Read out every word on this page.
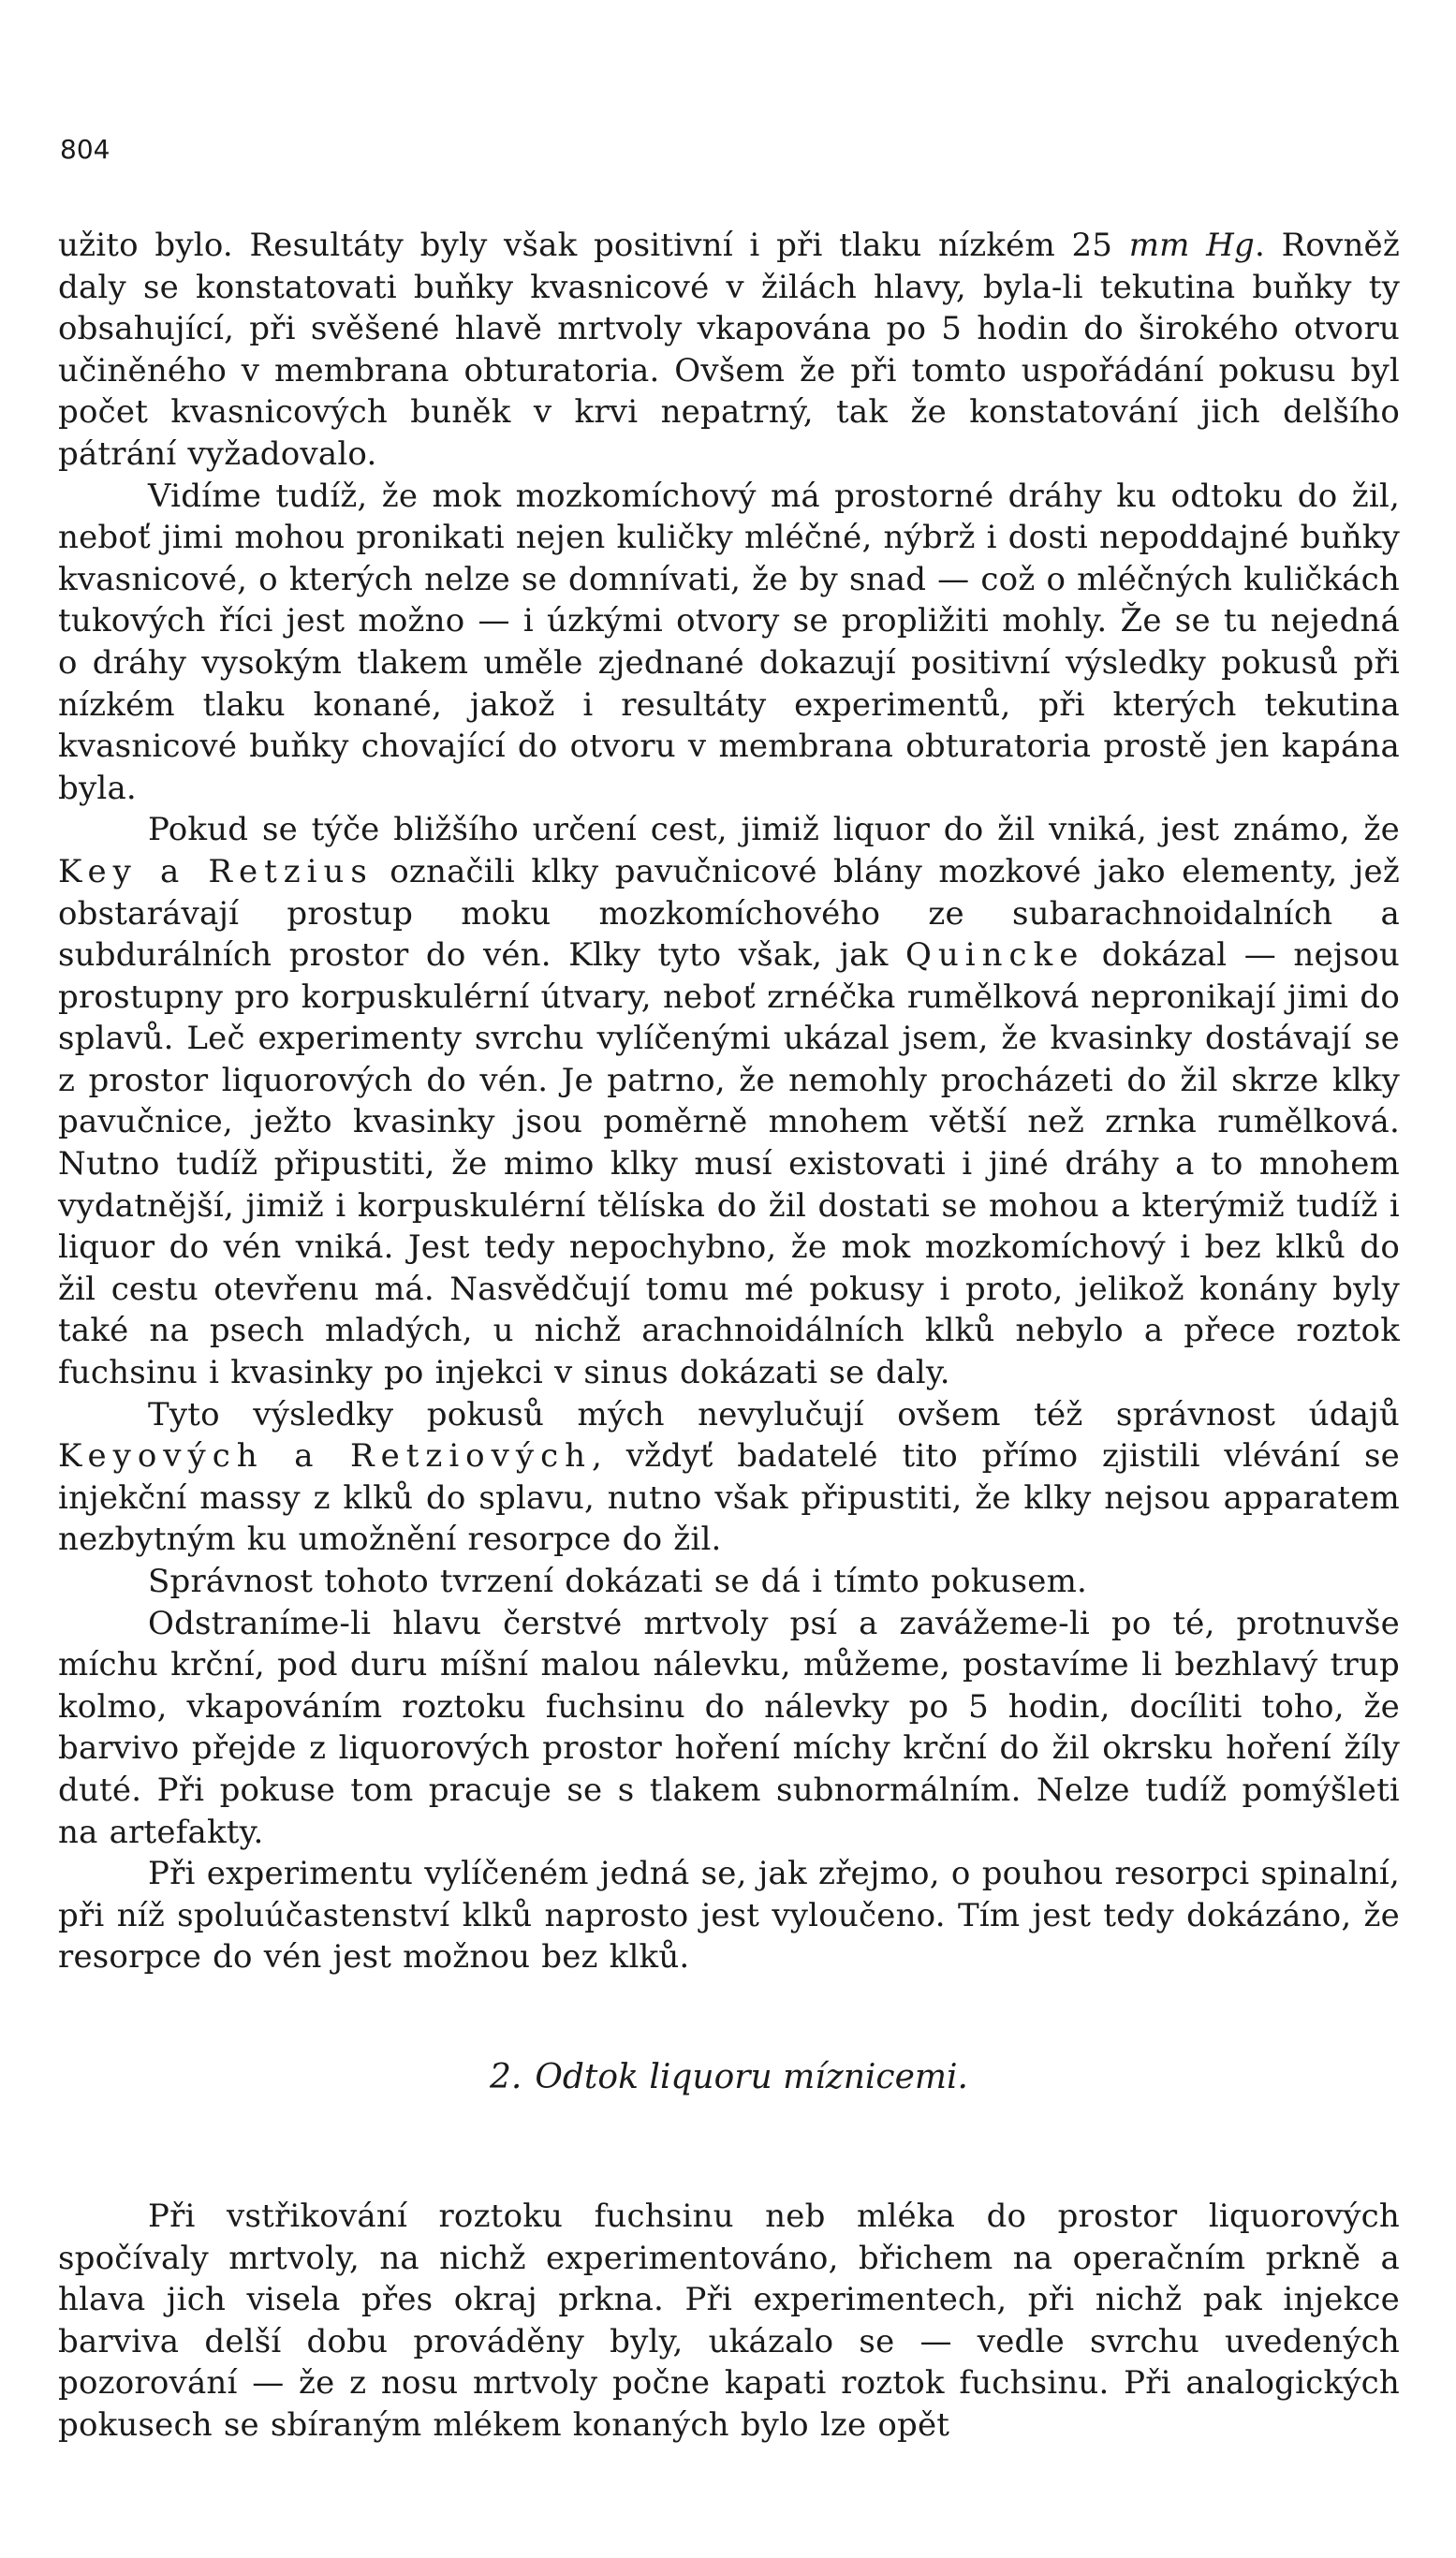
804

užito bylo. Resultáty byly však positivní i při tlaku nízkém 25 mm Hg. Rovněž daly se konstatovati buňky kvasnicové v žilách hlavy, byla-li tekutina buňky ty obsahující, při svěšené hlavě mrtvoly vkapována po 5 hodin do širokého otvoru učiněného v membrana obturatoria. Ovšem že při tomto uspořádání pokusu byl počet kvasnicových buněk v krvi nepatrný, tak že konstatování jich delšího pátrání vyžadovalo.

Vidíme tudíž, že mok mozkomíchový má prostorné dráhy ku odtoku do žil, neboť jimi mohou pronikati nejen kuličky mléčné, nýbrž i dosti nepoddajné buňky kvasnicové, o kterých nelze se domnívati, že by snad — což o mléčných kuličkách tukových říci jest možno — i úzkými otvory se propližiti mohly. Že se tu nejedná o dráhy vysokým tlakem uměle zjednané dokazují positivní výsledky pokusů při nízkém tlaku konané, jakož i resultáty experimentů, při kterých tekutina kvasnicové buňky chovající do otvoru v membrana obturatoria prostě jen kapána byla.

Pokud se týče bližšího určení cest, jimiž liquor do žil vniká, jest známo, že Key a Retzius označili klky pavučnicové blány mozkové jako elementy, jež obstarávají prostup moku mozkomíchového ze subarachnoidalních a subdurálních prostor do vén. Klky tyto však, jak Quincke dokázal — nejsou prostupny pro korpuskulérní útvary, neboť zrnéčka rumělková nepronikají jimi do splavů. Leč experimenty svrchu vylíčenými ukázal jsem, že kvasinky dostávají se z prostor liquorových do vén. Je patrno, že nemohly procházeti do žil skrze klky pavučnice, ježto kvasinky jsou poměrně mnohem větší než zrnka rumělková. Nutno tudíž připustiti, že mimo klky musí existovati i jiné dráhy a to mnohem vydatnější, jimiž i korpuskulérní tělíska do žil dostati se mohou a kterýmiž tudíž i liquor do vén vniká. Jest tedy nepochybno, že mok mozkomíchový i bez klků do žil cestu otevřenu má. Nasvědčují tomu mé pokusy i proto, jelikož konány byly také na psech mladých, u nichž arachnoidálních klků nebylo a přece roztok fuchsinu i kvasinky po injekci v sinus dokázati se daly.

Tyto výsledky pokusů mých nevylučují ovšem též správnost údajů Keyových a Retziových, vždyť badatelé tito přímo zjistili vlévání se injekční massy z klků do splavu, nutno však připustiti, že klky nejsou apparatem nezbytným ku umožnění resorpce do žil.

Správnost tohoto tvrzení dokázati se dá i tímto pokusem.

Odstraníme-li hlavu čerstvé mrtvoly psí a zavážeme-li po té, protnuvše míchu krční, pod duru míšní malou nálevku, můžeme, postavíme li bezhlavý trup kolmo, vkapováním roztoku fuchsinu do nálevky po 5 hodin, docíliti toho, že barvivo přejde z liquorových prostor hoření míchy krční do žil okrsku hoření žíly duté. Při pokuse tom pracuje se s tlakem subnormálním. Nelze tudíž pomýšleti na artefakty.

Při experimentu vylíčeném jedná se, jak zřejmo, o pouhou resorpci spinalní, při níž spoluúčastenství klků naprosto jest vyloučeno. Tím jest tedy dokázáno, že resorpce do vén jest možnou bez klků.

2. Odtok liquoru míznicemi.

Při vstřikování roztoku fuchsinu neb mléka do prostor liquorových spočívaly mrtvoly, na nichž experimentováno, břichem na operačním prkně a hlava jich visela přes okraj prkna. Při experimentech, při nichž pak injekce barviva delší dobu prováděny byly, ukázalo se — vedle svrchu uvedených pozorování — že z nosu mrtvoly počne kapati roztok fuchsinu. Při analogických pokusech se sbíraným mlékem konaných bylo lze opět
